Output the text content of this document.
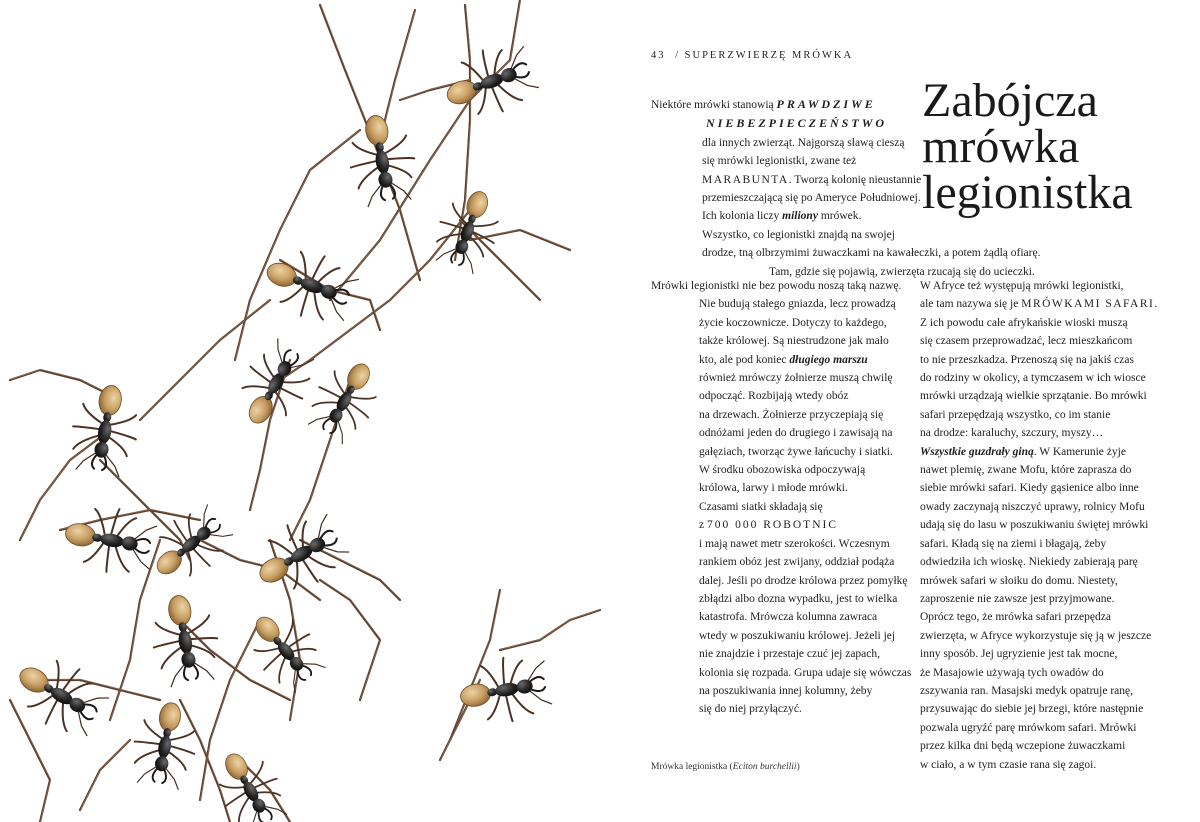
43 / SUPERZWIERZĘ MRÓWKA
Zabójcza mrówka legionistka
Niektóre mrówki stanowią PRAWDZIWE
NIEBEZPIECZEŃSTWO
dla innych zwierząt. Najgorszą sławą cieszą
się mrówki legionistki, zwane też
MARABUNTA. Tworzą kolonię nieustannie
przemieszczającą się po Ameryce Południowej.
Ich kolonia liczy miliony mrówek.
Wszystko, co legionistki znajdą na swojej
drodze, tną olbrzymimi żuwaczkami na kawałeczki, a potem żądlą ofiarę.
Tam, gdzie się pojawią, zwierzęta rzucają się do ucieczki.
Mrówki legionistki nie bez powodu noszą taką nazwę.
Nie budują stałego gniazda, lecz prowadzą
życie koczownicze. Dotyczy to każdego,
także królowej. Są niestrudzone jak mało
kto, ale pod koniec długiego marszu
również mrówczy żołnierze muszą chwilę
odpocząć. Rozbijają wtedy obóz
na drzewach. Żołnierze przyczepiają się
odnóżami jeden do drugiego i zawisają na
gałęziach, tworząc żywe łańcuchy i siatki.
W środku obozowiska odpoczywają
królowa, larwy i młode mrówki.
Czasami siatki składają się
z 700 000 ROBOTNIC
i mają nawet metr szerokości. Wczesnym
rankiem obóz jest zwijany, oddział podąża
dalej. Jeśli po drodze królowa przez pomyłkę
zbłądzi albo dozna wypadku, jest to wielka
katastrofa. Mrówcza kolumna zawraca
wtedy w poszukiwaniu królowej. Jeżeli jej
nie znajdzie i przestaje czuć jej zapach,
kolonia się rozpada. Grupa udaje się wówczas
na poszukiwania innej kolumny, żeby
się do niej przyłączyć.
W Afryce też występują mrówki legionistki,
ale tam nazywa się je MRÓWKAMI SAFARI.
Z ich powodu całe afrykańskie wioski muszą
się czasem przeprowadzać, lecz mieszkańcom
to nie przeszkadza. Przenoszą się na jakiś czas
do rodziny w okolicy, a tymczasem w ich wiosce
mrówki urządzają wielkie sprzątanie. Bo mrówki
safari przepędzają wszystko, co im stanie
na drodze: karaluchy, szczury, myszy…
Wszystkie guzdrały giną. W Kamerunie żyje
nawet plemię, zwane Mofu, które zaprasza do
siebie mrówki safari. Kiedy gąsienice albo inne
owady zaczynają niszczyć uprawy, rolnicy Mofu
udają się do lasu w poszukiwaniu świętej mrówki
safari. Kładą się na ziemi i błagają, żeby
odwiedziła ich wioskę. Niekiedy zabierają parę
mrówek safari w słoiku do domu. Niestety,
zaproszenie nie zawsze jest przyjmowane.
Oprócz tego, że mrówka safari przepędza
zwierzęta, w Afryce wykorzystuje się ją w jeszcze
inny sposób. Jej ugryzienie jest tak mocne,
że Masajowie używają tych owadów do
zszywania ran. Masajski medyk opatruje ranę,
przysuwając do siebie jej brzegi, które następnie
pozwala ugryźć parę mrówkom safari. Mrówki
przez kilka dni będą wczepione żuwaczkami
w ciało, a w tym czasie rana się zagoi.
Mrówka legionistka (Eciton burchellii)
